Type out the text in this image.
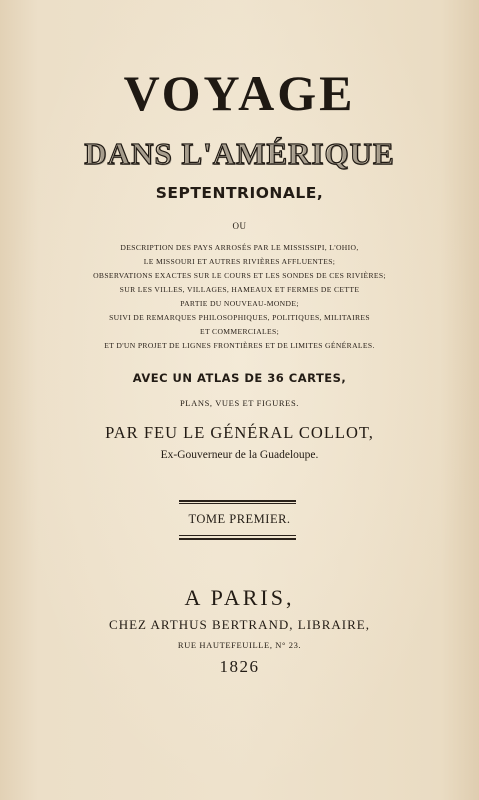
VOYAGE
DANS L'AMÉRIQUE
SEPTENTRIONALE,
OU
DESCRIPTION DES PAYS ARROSÉS PAR LE MISSISSIPI, L'OHIO,
LE MISSOURI ET AUTRES RIVIÈRES AFFLUENTES;
OBSERVATIONS EXACTES SUR LE COURS ET LES SONDES DE CES RIVIÈRES;
SUR LES VILLES, VILLAGES, HAMEAUX ET FERMES DE CETTE
PARTIE DU NOUVEAU-MONDE;
SUIVI DE REMARQUES PHILOSOPHIQUES, POLITIQUES, MILITAIRES
ET COMMERCIALES;
ET D'UN PROJET DE LIGNES FRONTIÈRES ET DE LIMITES GÉNÉRALES.
AVEC UN ATLAS DE 36 CARTES,
PLANS, VUES ET FIGURES.
PAR FEU LE GÉNÉRAL COLLOT,
Ex-Gouverneur de la Guadeloupe.
TOME PREMIER.
A PARIS,
CHEZ ARTHUS BERTRAND, LIBRAIRE,
RUE HAUTEFEUILLE, N° 23.
1826
